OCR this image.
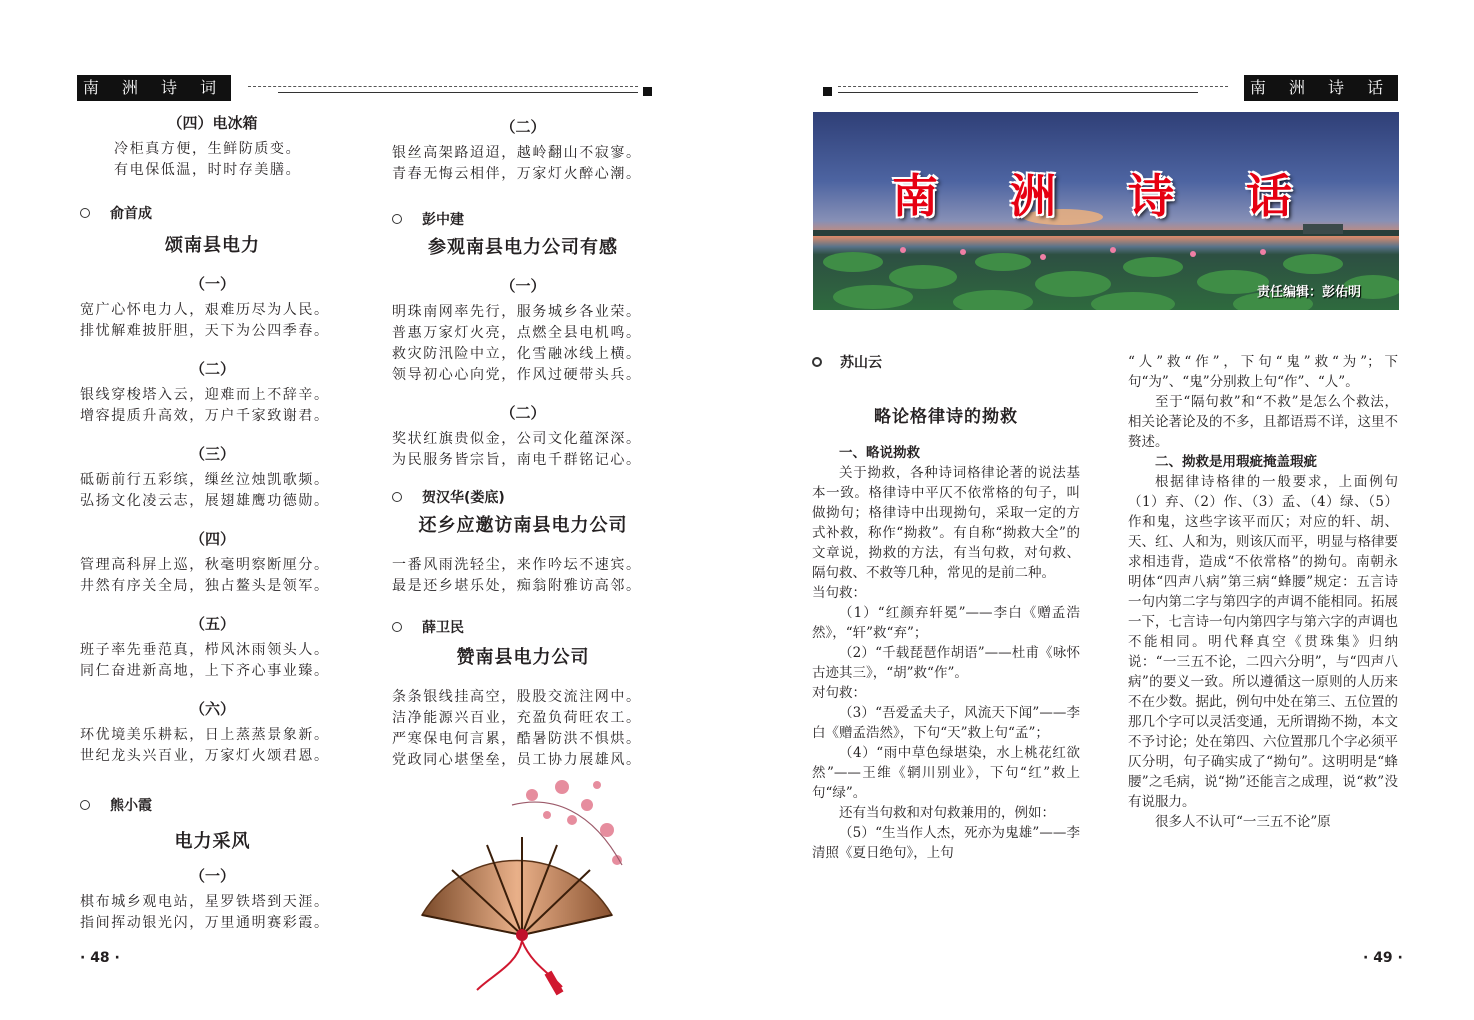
南 洲 诗 词
（四）电冰箱
冷柜真方便，生鲜防质变。
有电保低温，时时存美膳。
俞首成
颂南县电力
（一）
宽广心怀电力人，艰难历尽为人民。
排忧解难披肝胆，天下为公四季春。
（二）
银线穿梭塔入云，迎难而上不辞辛。
增容提质升高效，万户千家致谢君。
（三）
砥砺前行五彩缤，缫丝泣烛凯歌频。
弘扬文化凌云志，展翅雄鹰功德勋。
（四）
管理高科屏上巡，秋毫明察断厘分。
井然有序关全局，独占鳌头是领军。
（五）
班子率先垂范真，栉风沐雨领头人。
同仁奋进新高地，上下齐心事业臻。
（六）
环优境美乐耕耘，日上蒸蒸景象新。
世纪龙头兴百业，万家灯火颂君恩。
熊小霞
电力采风
（一）
棋布城乡观电站，星罗铁塔到天涯。
指间挥动银光闪，万里通明赛彩霞。
（二）
银丝高架路迢迢，越岭翻山不寂寥。
青春无悔云相伴，万家灯火醉心潮。
彭中建
参观南县电力公司有感
（一）
明珠南网率先行，服务城乡各业荣。
普惠万家灯火亮，点燃全县电机鸣。
救灾防汛险中立，化雪融冰线上横。
领导初心心向党，作风过硬带头兵。
（二）
奖状红旗贵似金，公司文化蕴深深。
为民服务皆宗旨，南电千群铭记心。
贺汉华(娄底)
还乡应邀访南县电力公司
一番风雨洗轻尘，来作吟坛不速宾。
最是还乡堪乐处，痴翁附雅访高邻。
薛卫民
赞南县电力公司
条条银线挂高空，股股交流注网中。
洁净能源兴百业，充盈负荷旺农工。
严寒保电何言累，酷暑防洪不惧烘。
党政同心堪堡垒，员工协力展雄风。
· 48 ·
南 洲 诗 话
· 49 ·
南 洲 诗 话
责任编辑：彭佑明
苏山云
略论格律诗的拗救

一、略说拗救

关于拗救，各种诗词格律论著的说法基本一致。格律诗中平仄不依常格的句子，叫做拗句；格律诗中出现拗句，采取一定的方式补救，称作“拗救”。有自称“拗救大全”的文章说，拗救的方法，有当句救，对句救、隔句救、不救等几种，常见的是前二种。

当句救：

（1）“红颜弃轩冕”——李白《赠孟浩然》，“轩”救“弃”；

（2）“千载琵琶作胡语”——杜甫《咏怀古迹其三》，“胡”救“作”。

对句救：

（3）“吾爱孟夫子，风流天下闻”——李白《赠孟浩然》，下句“天”救上句“孟”；

（4）“雨中草色绿堪染，水上桃花红欲然”——王维《辋川别业》，下句“红”救上句“绿”。

还有当句救和对句救兼用的，例如：

（5）“生当作人杰，死亦为鬼雄”——李清照《夏日绝句》，上句

“人”救“作”，下句“鬼”救“为”；下句“为”、“鬼”分别救上句“作”、“人”。

至于“隔句救”和“不救”是怎么个救法，相关论著论及的不多，且都语焉不详，这里不赘述。

二、拗救是用瑕疵掩盖瑕疵

根据律诗格律的一般要求，上面例句（1）弃、（2）作、（3）孟、（4）绿、（5）作和鬼，这些字该平而仄；对应的轩、胡、天、红、人和为，则该仄而平，明显与格律要求相违背，造成“不依常格”的拗句。南朝永明体“四声八病”第三病“蜂腰”规定：五言诗一句内第二字与第四字的声调不能相同。拓展一下，七言诗一句内第四字与第六字的声调也不能相同。明代释真空《贯珠集》归纳说：“一三五不论，二四六分明”，与“四声八病”的要义一致。所以遵循这一原则的人历来不在少数。据此，例句中处在第三、五位置的那几个字可以灵活变通，无所谓拗不拗，本文不予讨论；处在第四、六位置那几个字必须平仄分明，句子确实成了“拗句”。这明明是“蜂腰”之毛病，说“拗”还能言之成理，说“救”没有说服力。

很多人不认可“一三五不论”原
